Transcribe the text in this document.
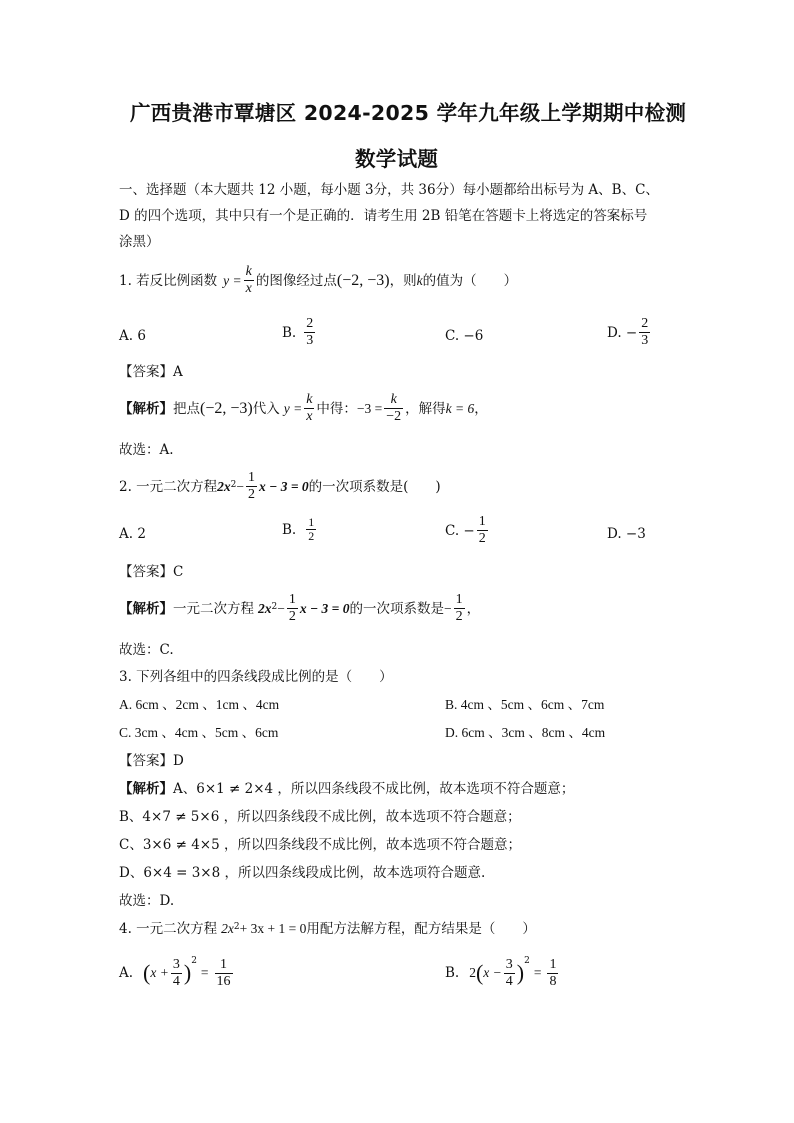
广西贵港市覃塘区 2024-2025 学年九年级上学期期中检测
数学试题
一、选择题（本大题共 12 小题，每小题 3分，共 36分）每小题都给出标号为 A、B、C、
D 的四个选项，其中只有一个是正确的．请考生用 2B 铅笔在答题卡上将选定的答案标号
涂黑）
1. 若反比例函数 $y = \frac{k}{x}$ 的图像经过点 (−2, −3) ，则 k 的值为（　　）
A. 6	B. $\frac{2}{3}$	C. −6	D. − $\frac{2}{3}$
【答案】A
【解析】 把点 (−2, −3) 代入 $y = \frac{k}{x}$ 中得： $-3 = \frac{k}{-2}$ ，解得 k = 6 ，
故选：A.
2. 一元二次方程 2x $2 - \frac{1}{2}$ x − 3 = 0 的一次项系数是(　　)
A. 2	B. $\frac{1}{2}$	C. − $\frac{1}{2}$	D. −3
【答案】C
【解析】 一元二次方程 2x $2 - \frac{1}{2}$ x − 3 = 0 的一次项系数是 − $\frac{1}{2}$ ，
故选：C.
3. 下列各组中的四条线段成比例的是（　　）
A. 6cm 、2cm 、1cm 、4cm	B. 4cm 、5cm 、6cm 、7cm
C. 3cm 、4cm 、5cm 、6cm	D. 6cm 、3cm 、8cm 、4cm
【答案】D
【解析】A、6×1 ≠ 2×4 ，所以四条线段不成比例，故本选项不符合题意；
B、4×7 ≠ 5×6 ，所以四条线段不成比例，故本选项不符合题意；
C、3×6 ≠ 4×5 ，所以四条线段不成比例，故本选项不符合题意；
D、6×4 = 3×8 ，所以四条线段成比例，故本选项符合题意.
故选：D.
4. 一元二次方程 2x 2 + 3x + 1 = 0 用配方法解方程，配方结果是（　　）
A. ( $x + \frac{3}{4}$ ) 2
= $\frac{1}{16}$	B. 2 ( $x - \frac{3}{4}$ ) 2
= $\frac{1}{8}$
